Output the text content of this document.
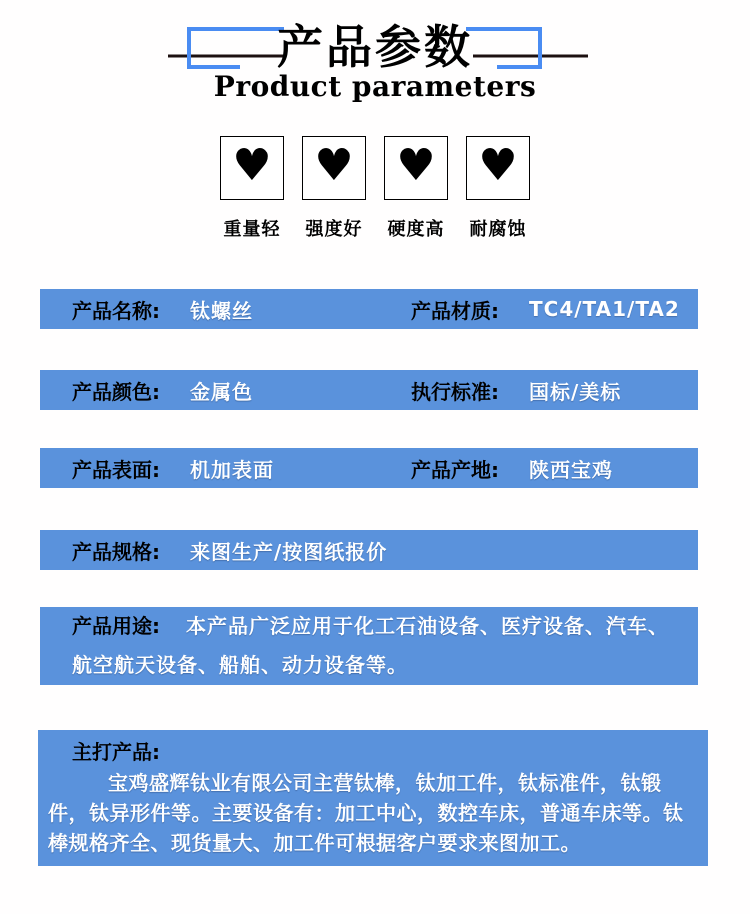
产品参数
Product parameters
♥
重量轻
♥
强度好
♥
硬度高
♥
耐腐蚀
产品名称:	钛螺丝	产品材质:	TC4/TA1/TA2
产品颜色:	金属色	执行标准:	国标/美标
产品表面:	机加表面	产品产地:	陕西宝鸡
产品规格:	来图生产/按图纸报价

产品用途: 本产品广泛应用于化工石油设备、医疗设备、汽车、航空航天设备、船舶、动力设备等。

主打产品:

宝鸡盛辉钛业有限公司主营钛棒，钛加工件，钛标准件，钛锻件，钛异形件等。主要设备有：加工中心，数控车床，普通车床等。钛棒规格齐全、现货量大、加工件可根据客户要求来图加工。
